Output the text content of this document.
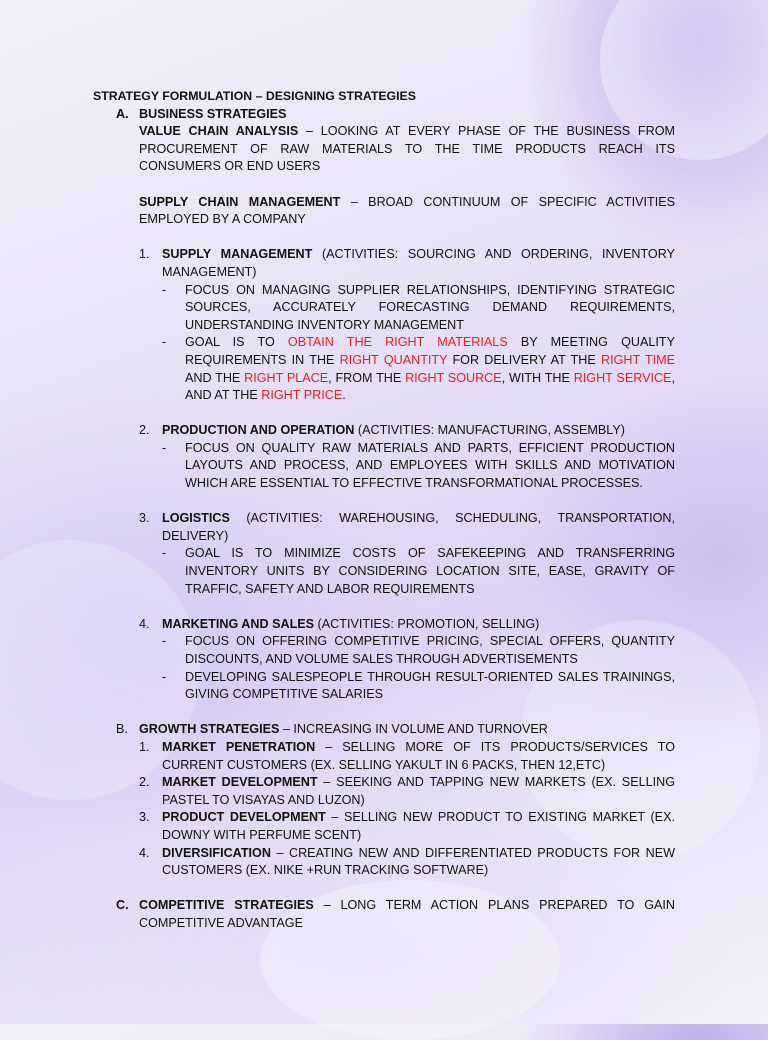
STRATEGY FORMULATION – DESIGNING STRATEGIES

A. BUSINESS STRATEGIES

VALUE CHAIN ANALYSIS – LOOKING AT EVERY PHASE OF THE BUSINESS FROM PROCUREMENT OF RAW MATERIALS TO THE TIME PRODUCTS REACH ITS CONSUMERS OR END USERS

SUPPLY CHAIN MANAGEMENT – BROAD CONTINUUM OF SPECIFIC ACTIVITIES EMPLOYED BY A COMPANY

1. SUPPLY MANAGEMENT (ACTIVITIES: SOURCING AND ORDERING, INVENTORY MANAGEMENT)

- FOCUS ON MANAGING SUPPLIER RELATIONSHIPS, IDENTIFYING STRATEGIC SOURCES, ACCURATELY FORECASTING DEMAND REQUIREMENTS, UNDERSTANDING INVENTORY MANAGEMENT

- GOAL IS TO OBTAIN THE RIGHT MATERIALS BY MEETING QUALITY REQUIREMENTS IN THE RIGHT QUANTITY FOR DELIVERY AT THE RIGHT TIME AND THE RIGHT PLACE, FROM THE RIGHT SOURCE, WITH THE RIGHT SERVICE, AND AT THE RIGHT PRICE.

2. PRODUCTION AND OPERATION (ACTIVITIES: MANUFACTURING, ASSEMBLY)

- FOCUS ON QUALITY RAW MATERIALS AND PARTS, EFFICIENT PRODUCTION LAYOUTS AND PROCESS, AND EMPLOYEES WITH SKILLS AND MOTIVATION WHICH ARE ESSENTIAL TO EFFECTIVE TRANSFORMATIONAL PROCESSES.

3. LOGISTICS (ACTIVITIES: WAREHOUSING, SCHEDULING, TRANSPORTATION, DELIVERY)

- GOAL IS TO MINIMIZE COSTS OF SAFEKEEPING AND TRANSFERRING INVENTORY UNITS BY CONSIDERING LOCATION SITE, EASE, GRAVITY OF TRAFFIC, SAFETY AND LABOR REQUIREMENTS

4. MARKETING AND SALES (ACTIVITIES: PROMOTION, SELLING)

- FOCUS ON OFFERING COMPETITIVE PRICING, SPECIAL OFFERS, QUANTITY DISCOUNTS, AND VOLUME SALES THROUGH ADVERTISEMENTS

- DEVELOPING SALESPEOPLE THROUGH RESULT-ORIENTED SALES TRAININGS, GIVING COMPETITIVE SALARIES

B. GROWTH STRATEGIES – INCREASING IN VOLUME AND TURNOVER

1. MARKET PENETRATION – SELLING MORE OF ITS PRODUCTS/SERVICES TO CURRENT CUSTOMERS (EX. SELLING YAKULT IN 6 PACKS, THEN 12,ETC)

2. MARKET DEVELOPMENT – SEEKING AND TAPPING NEW MARKETS (EX. SELLING PASTEL TO VISAYAS AND LUZON)

3. PRODUCT DEVELOPMENT – SELLING NEW PRODUCT TO EXISTING MARKET (EX. DOWNY WITH PERFUME SCENT)

4. DIVERSIFICATION – CREATING NEW AND DIFFERENTIATED PRODUCTS FOR NEW CUSTOMERS (EX. NIKE +RUN TRACKING SOFTWARE)

C. COMPETITIVE STRATEGIES – LONG TERM ACTION PLANS PREPARED TO GAIN COMPETITIVE ADVANTAGE
